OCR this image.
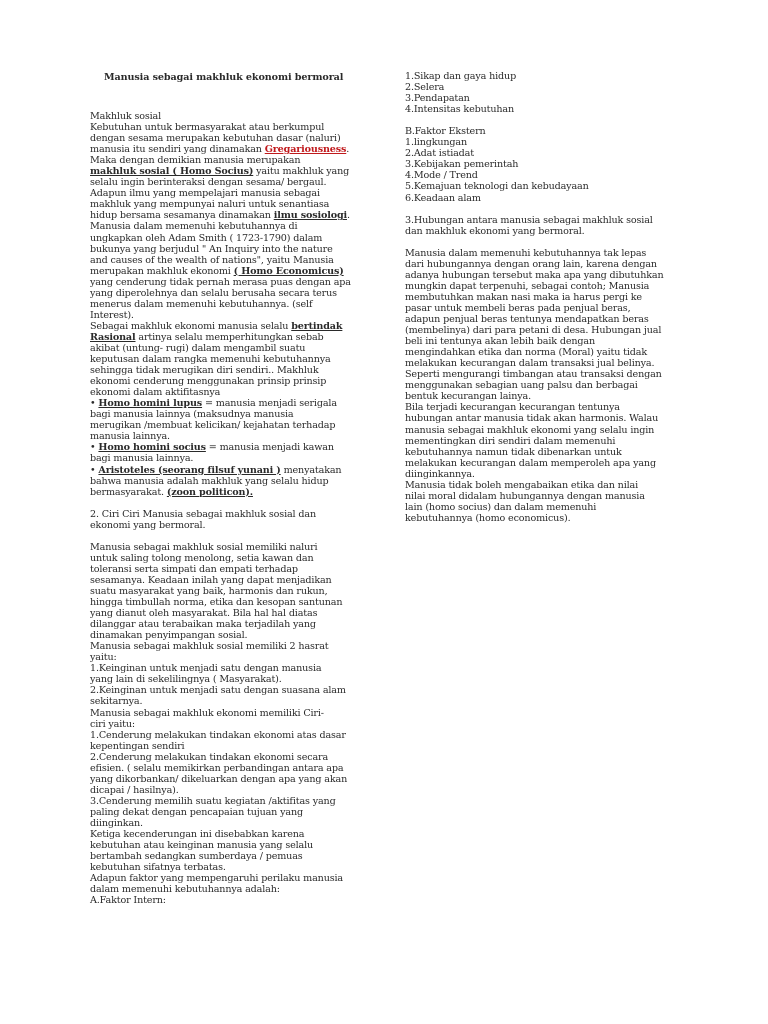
Manusia sebagai makhluk ekonomi bermoral
Makhluk sosial
Kebutuhan untuk bermasyarakat atau berkumpul
dengan sesama merupakan kebutuhan dasar (naluri)
manusia itu sendiri yang dinamakan Gregariousness.
Maka dengan demikian manusia merupakan
makhluk sosial ( Homo Socius) yaitu makhluk yang
selalu ingin berinteraksi dengan sesama/ bergaul.
Adapun ilmu yang mempelajari manusia sebagai
makhluk yang mempunyai naluri untuk senantiasa
hidup bersama sesamanya dinamakan ilmu sosiologi.
Manusia dalam memenuhi kebutuhannya di
ungkapkan oleh Adam Smith ( 1723-1790) dalam
bukunya yang berjudul " An Inquiry into the nature
and causes of the wealth of nations", yaitu Manusia
merupakan makhluk ekonomi ( Homo Economicus)
yang cenderung tidak pernah merasa puas dengan apa
yang diperolehnya dan selalu berusaha secara terus
menerus dalam memenuhi kebutuhannya. (self
Interest).
Sebagai makhluk ekonomi manusia selalu bertindak
Rasional artinya selalu memperhitungkan sebab
akibat (untung- rugi) dalam mengambil suatu
keputusan dalam rangka memenuhi kebutuhannya
sehingga tidak merugikan diri sendiri.. Makhluk
ekonomi cenderung menggunakan prinsip prinsip
ekonomi dalam aktifitasnya
• Homo homini lupus = manusia menjadi serigala
bagi manusia lainnya (maksudnya manusia
merugikan /membuat kelicikan/ kejahatan terhadap
manusia lainnya.
• Homo homini socius = manusia menjadi kawan
bagi manusia lainnya.
• Aristoteles (seorang filsuf yunani ) menyatakan
bahwa manusia adalah makhluk yang selalu hidup
bermasyarakat. (zoon politicon).
2. Ciri Ciri Manusia sebagai makhluk sosial dan
ekonomi yang bermoral.
Manusia sebagai makhluk sosial memiliki naluri
untuk saling tolong menolong, setia kawan dan
toleransi serta simpati dan empati terhadap
sesamanya. Keadaan inilah yang dapat menjadikan
suatu masyarakat yang baik, harmonis dan rukun,
hingga timbullah norma, etika dan kesopan santunan
yang dianut oleh masyarakat. Bila hal hal diatas
dilanggar atau terabaikan maka terjadilah yang
dinamakan penyimpangan sosial.
Manusia sebagai makhluk sosial memiliki 2 hasrat
yaitu:
1.Keinginan untuk menjadi satu dengan manusia
yang lain di sekelilingnya ( Masyarakat).
2.Keinginan untuk menjadi satu dengan suasana alam
sekitarnya.
Manusia sebagai makhluk ekonomi memiliki Ciri-
ciri yaitu:
1.Cenderung melakukan tindakan ekonomi atas dasar
kepentingan sendiri
2.Cenderung melakukan tindakan ekonomi secara
efisien. ( selalu memikirkan perbandingan antara apa
yang dikorbankan/ dikeluarkan dengan apa yang akan
dicapai / hasilnya).
3.Cenderung memilih suatu kegiatan /aktifitas yang
paling dekat dengan pencapaian tujuan yang
diinginkan.
Ketiga kecenderungan ini disebabkan karena
kebutuhan atau keinginan manusia yang selalu
bertambah sedangkan sumberdaya / pemuas
kebutuhan sifatnya terbatas.
Adapun faktor yang mempengaruhi perilaku manusia
dalam memenuhi kebutuhannya adalah:
A.Faktor Intern:
1.Sikap dan gaya hidup
2.Selera
3.Pendapatan
4.Intensitas kebutuhan
B.Faktor Ekstern
1.lingkungan
2.Adat istiadat
3.Kebijakan pemerintah
4.Mode / Trend
5.Kemajuan teknologi dan kebudayaan
6.Keadaan alam
3.Hubungan antara manusia sebagai makhluk sosial
dan makhluk ekonomi yang bermoral.
Manusia dalam memenuhi kebutuhannya tak lepas
dari hubungannya dengan orang lain, karena dengan
adanya hubungan tersebut maka apa yang dibutuhkan
mungkin dapat terpenuhi, sebagai contoh; Manusia
membutuhkan makan nasi maka ia harus pergi ke
pasar untuk membeli beras pada penjual beras,
adapun penjual beras tentunya mendapatkan beras
(membelinya) dari para petani di desa. Hubungan jual
beli ini tentunya akan lebih baik dengan
mengindahkan etika dan norma (Moral) yaitu tidak
melakukan kecurangan dalam transaksi jual belinya.
Seperti mengurangi timbangan atau transaksi dengan
menggunakan sebagian uang palsu dan berbagai
bentuk kecurangan lainya.
Bila terjadi kecurangan kecurangan tentunya
hubungan antar manusia tidak akan harmonis. Walau
manusia sebagai makhluk ekonomi yang selalu ingin
mementingkan diri sendiri dalam memenuhi
kebutuhannya namun tidak dibenarkan untuk
melakukan kecurangan dalam memperoleh apa yang
diinginkannya.
Manusia tidak boleh mengabaikan etika dan nilai
nilai moral didalam hubungannya dengan manusia
lain (homo socius) dan dalam memenuhi
kebutuhannya (homo economicus).
